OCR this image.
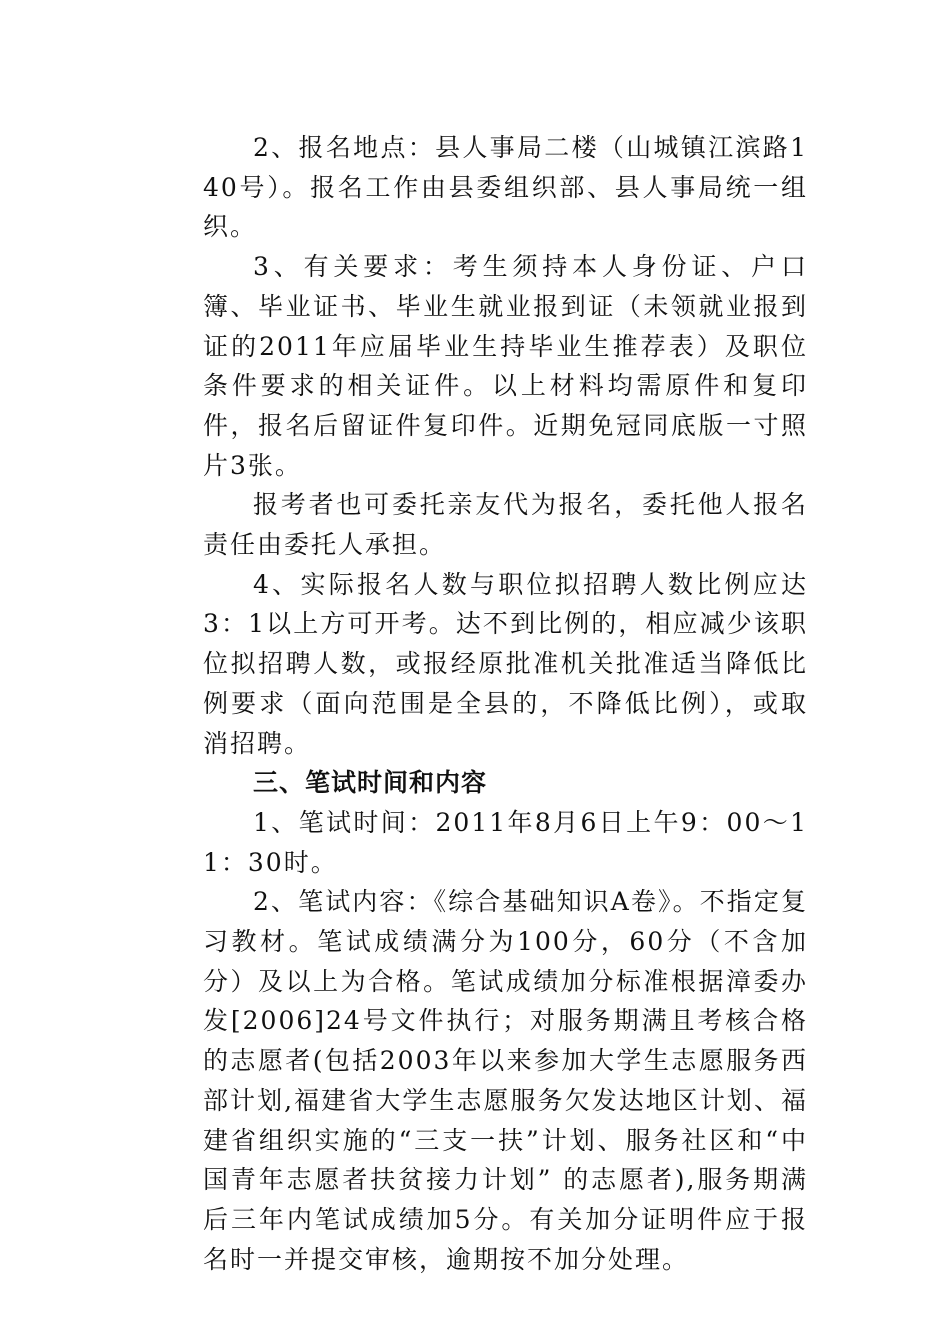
2、报名地点：县人事局二楼（山城镇江滨路140号）。报名工作由县委组织部、县人事局统一组织。

3、有关要求：考生须持本人身份证、户口簿、毕业证书、毕业生就业报到证（未领就业报到证的2011年应届毕业生持毕业生推荐表）及职位条件要求的相关证件。以上材料均需原件和复印件，报名后留证件复印件。近期免冠同底版一寸照片3张。

报考者也可委托亲友代为报名，委托他人报名责任由委托人承担。

4、实际报名人数与职位拟招聘人数比例应达3：1以上方可开考。达不到比例的，相应减少该职位拟招聘人数，或报经原批准机关批准适当降低比例要求（面向范围是全县的，不降低比例），或取消招聘。

三、笔试时间和内容

1、笔试时间：2011年8月6日上午9：00～11：30时。

2、笔试内容：《综合基础知识A卷》。不指定复习教材。笔试成绩满分为100分，60分（不含加分）及以上为合格。笔试成绩加分标准根据漳委办发[2006]24号文件执行；对服务期满且考核合格的志愿者(包括2003年以来参加大学生志愿服务西部计划,福建省大学生志愿服务欠发达地区计划、福建省组织实施的“三支一扶”计划、服务社区和“中国青年志愿者扶贫接力计划” 的志愿者),服务期满后三年内笔试成绩加5分。有关加分证明件应于报名时一并提交审核，逾期按不加分处理。
